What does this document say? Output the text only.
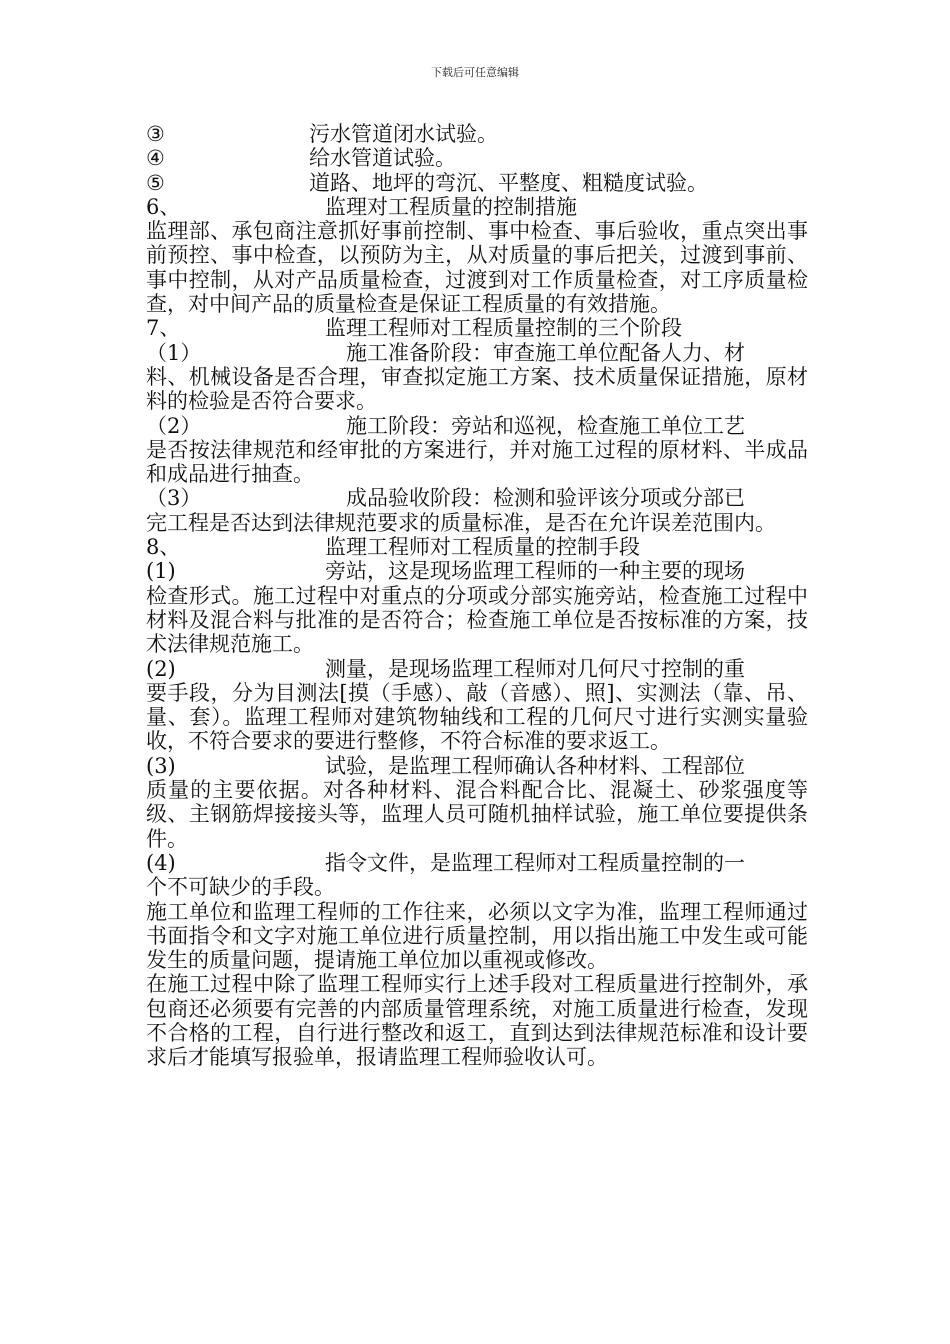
下载后可任意编辑
③	污水管道闭水试验。
④	给水管道试验。
⑤	道路、地坪的弯沉、平整度、粗糙度试验。
6、	监理对工程质量的控制措施
监理部、承包商注意抓好事前控制、事中检查、事后验收，重点突出事前预控、事中检查，以预防为主，从对质量的事后把关，过渡到事前、事中控制，从对产品质量检查，过渡到对工作质量检查，对工序质量检查，对中间产品的质量检查是保证工程质量的有效措施。
7、	监理工程师对工程质量控制的三个阶段
（1）	施工准备阶段：审查施工单位配备人力、材
料、机械设备是否合理，审查拟定施工方案、技术质量保证措施，原材料的检验是否符合要求。
（2）	施工阶段：旁站和巡视，检查施工单位工艺
是否按法律规范和经审批的方案进行，并对施工过程的原材料、半成品和成品进行抽查。
（3）	成品验收阶段：检测和验评该分项或分部已
完工程是否达到法律规范要求的质量标准，是否在允许误差范围内。
8、	监理工程师对工程质量的控制手段
(1)	旁站，这是现场监理工程师的一种主要的现场
检查形式。施工过程中对重点的分项或分部实施旁站，检查施工过程中材料及混合料与批准的是否符合；检查施工单位是否按标准的方案，技术法律规范施工。
(2)	测量，是现场监理工程师对几何尺寸控制的重
要手段，分为目测法[摸（手感）、敲（音感）、照]、实测法（靠、吊、量、套）。监理工程师对建筑物轴线和工程的几何尺寸进行实测实量验收，不符合要求的要进行整修，不符合标准的要求返工。
(3)	试验，是监理工程师确认各种材料、工程部位
质量的主要依据。对各种材料、混合料配合比、混凝土、砂浆强度等级、主钢筋焊接接头等，监理人员可随机抽样试验，施工单位要提供条件。
(4)	指令文件，是监理工程师对工程质量控制的一
个不可缺少的手段。
施工单位和监理工程师的工作往来，必须以文字为准，监理工程师通过书面指令和文字对施工单位进行质量控制，用以指出施工中发生或可能发生的质量问题，提请施工单位加以重视或修改。
在施工过程中除了监理工程师实行上述手段对工程质量进行控制外，承包商还必须要有完善的内部质量管理系统，对施工质量进行检查，发现不合格的工程，自行进行整改和返工，直到达到法律规范标准和设计要求后才能填写报验单，报请监理工程师验收认可。
